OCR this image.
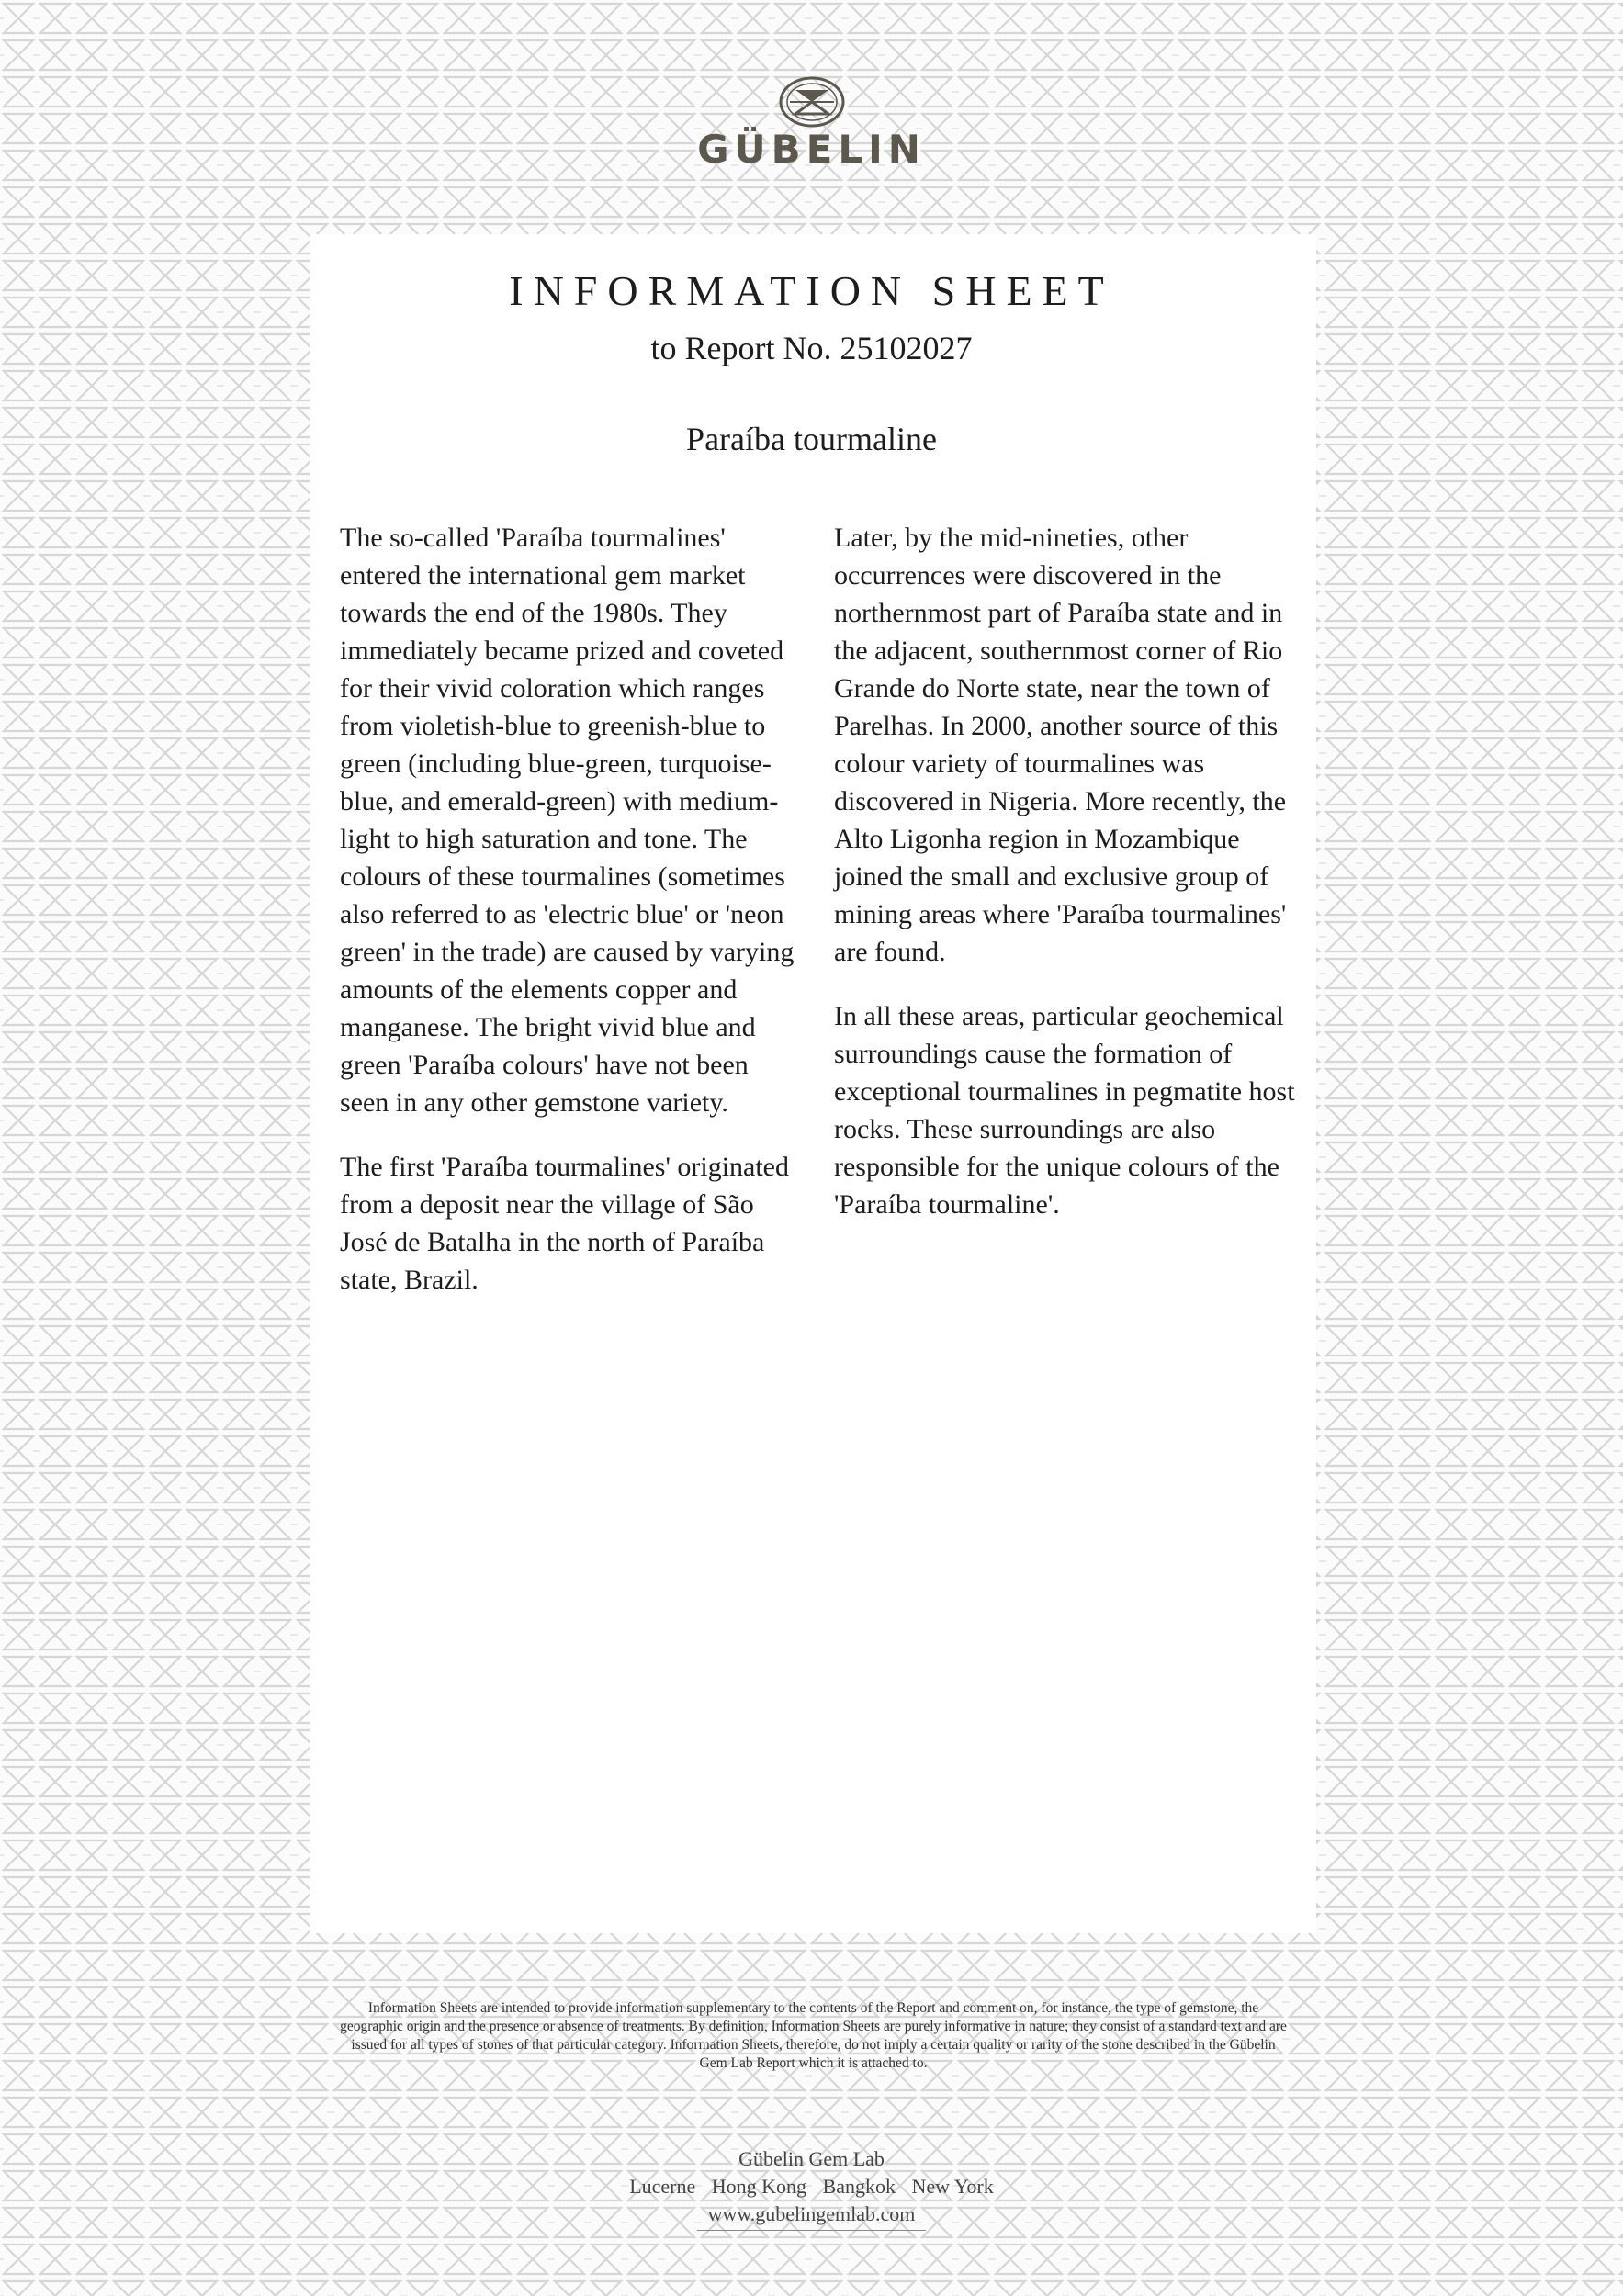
GÜBELIN
INFORMATION SHEET
to Report No. 25102027
Paraíba tourmaline

The so-called 'Paraíba tourmalines' entered the international gem market towards the end of the 1980s. They immediately became prized and coveted for their vivid coloration which ranges from violetish-blue to greenish-blue to green (including blue-green, turquoise-blue, and emerald-green) with medium-light to high saturation and tone. The colours of these tourmalines (sometimes also referred to as 'electric blue' or 'neon green' in the trade) are caused by varying amounts of the elements copper and manganese. The bright vivid blue and green 'Paraíba colours' have not been seen in any other gemstone variety.

The first 'Paraíba tourmalines' originated from a deposit near the village of São José de Batalha in the north of Paraíba state, Brazil.

Later, by the mid-nineties, other occurrences were discovered in the northernmost part of Paraíba state and in the adjacent, southernmost corner of Rio Grande do Norte state, near the town of Parelhas. In 2000, another source of this colour variety of tourmalines was discovered in Nigeria. More recently, the Alto Ligonha region in Mozambique joined the small and exclusive group of mining areas where 'Paraíba tourmalines' are found.

In all these areas, particular geochemical surroundings cause the formation of exceptional tourmalines in pegmatite host rocks. These surroundings are also responsible for the unique colours of the 'Paraíba tourmaline'.

Information Sheets are intended to provide information supplementary to the contents of the Report and comment on, for instance, the type of gemstone, the geographic origin and the presence or absence of treatments. By definition, Information Sheets are purely informative in nature; they consist of a standard text and are issued for all types of stones of that particular category. Information Sheets, therefore, do not imply a certain quality or rarity of the stone described in the Gübelin Gem Lab Report which it is attached to.
Gübelin Gem Lab
Lucerne Hong Kong Bangkok New York
www.gubelingemlab.com
